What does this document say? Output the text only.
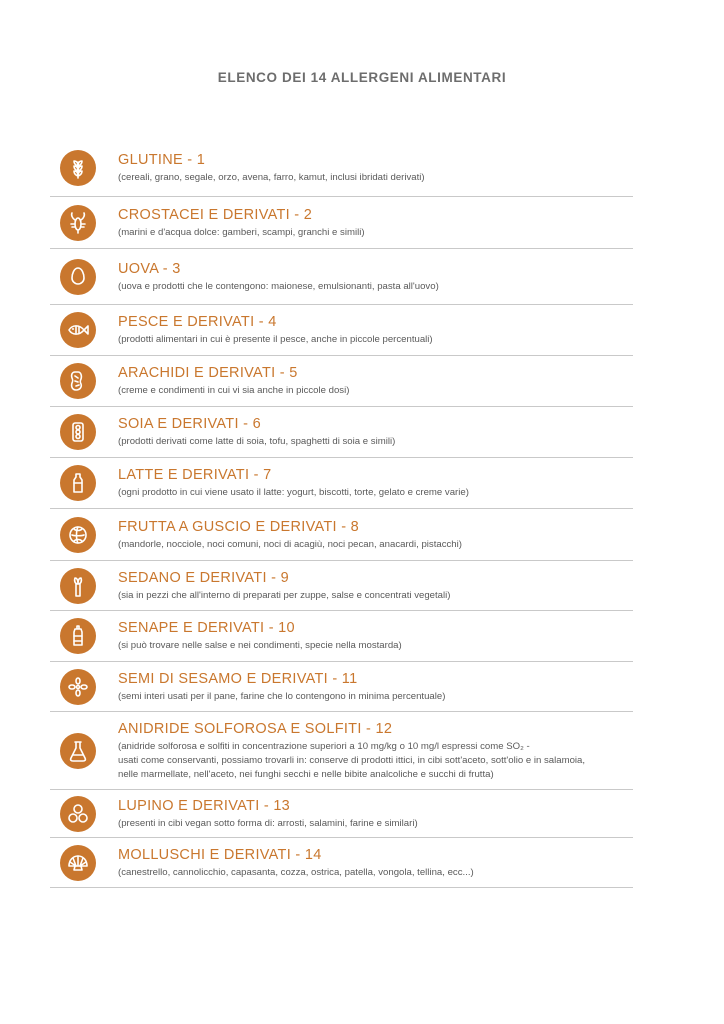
ELENCO DEI 14 ALLERGENI ALIMENTARI
GLUTINE - 1
(cereali, grano, segale, orzo, avena, farro, kamut, inclusi ibridati derivati)
CROSTACEI E DERIVATI - 2
(marini e d'acqua dolce: gamberi, scampi, granchi e simili)
UOVA - 3
(uova e prodotti che le contengono: maionese, emulsionanti, pasta all'uovo)
PESCE E DERIVATI - 4
(prodotti alimentari in cui è presente il pesce, anche in piccole percentuali)
ARACHIDI E DERIVATI - 5
(creme e condimenti in cui vi sia anche in piccole dosi)
SOIA E DERIVATI - 6
(prodotti derivati come latte di soia, tofu, spaghetti di soia e simili)
LATTE E DERIVATI - 7
(ogni prodotto in cui viene usato il latte: yogurt, biscotti, torte, gelato e creme varie)
FRUTTA A GUSCIO E DERIVATI - 8
(mandorle, nocciole, noci comuni, noci di acagiù, noci pecan, anacardi, pistacchi)
SEDANO E DERIVATI - 9
(sia in pezzi che all'interno di preparati per zuppe, salse e concentrati vegetali)
SENAPE E DERIVATI - 10
(si può trovare nelle salse e nei condimenti, specie nella mostarda)
SEMI DI SESAMO E DERIVATI - 11
(semi interi usati per il pane, farine che lo contengono in minima percentuale)
ANIDRIDE SOLFOROSA E SOLFITI - 12
(anidride solforosa e solfiti in concentrazione superiori a 10 mg/kg o 10 mg/l espressi come SO₂ -
usati come conservanti, possiamo trovarli in: conserve di prodotti ittici, in cibi sott'aceto, sott'olio e in salamoia,
nelle marmellate, nell'aceto, nei funghi secchi e nelle bibite analcoliche e succhi di frutta)
LUPINO E DERIVATI - 13
(presenti in cibi vegan sotto forma di: arrosti, salamini, farine e similari)
MOLLUSCHI E DERIVATI - 14
(canestrello, cannolicchio, capasanta, cozza, ostrica, patella, vongola, tellina, ecc...)
